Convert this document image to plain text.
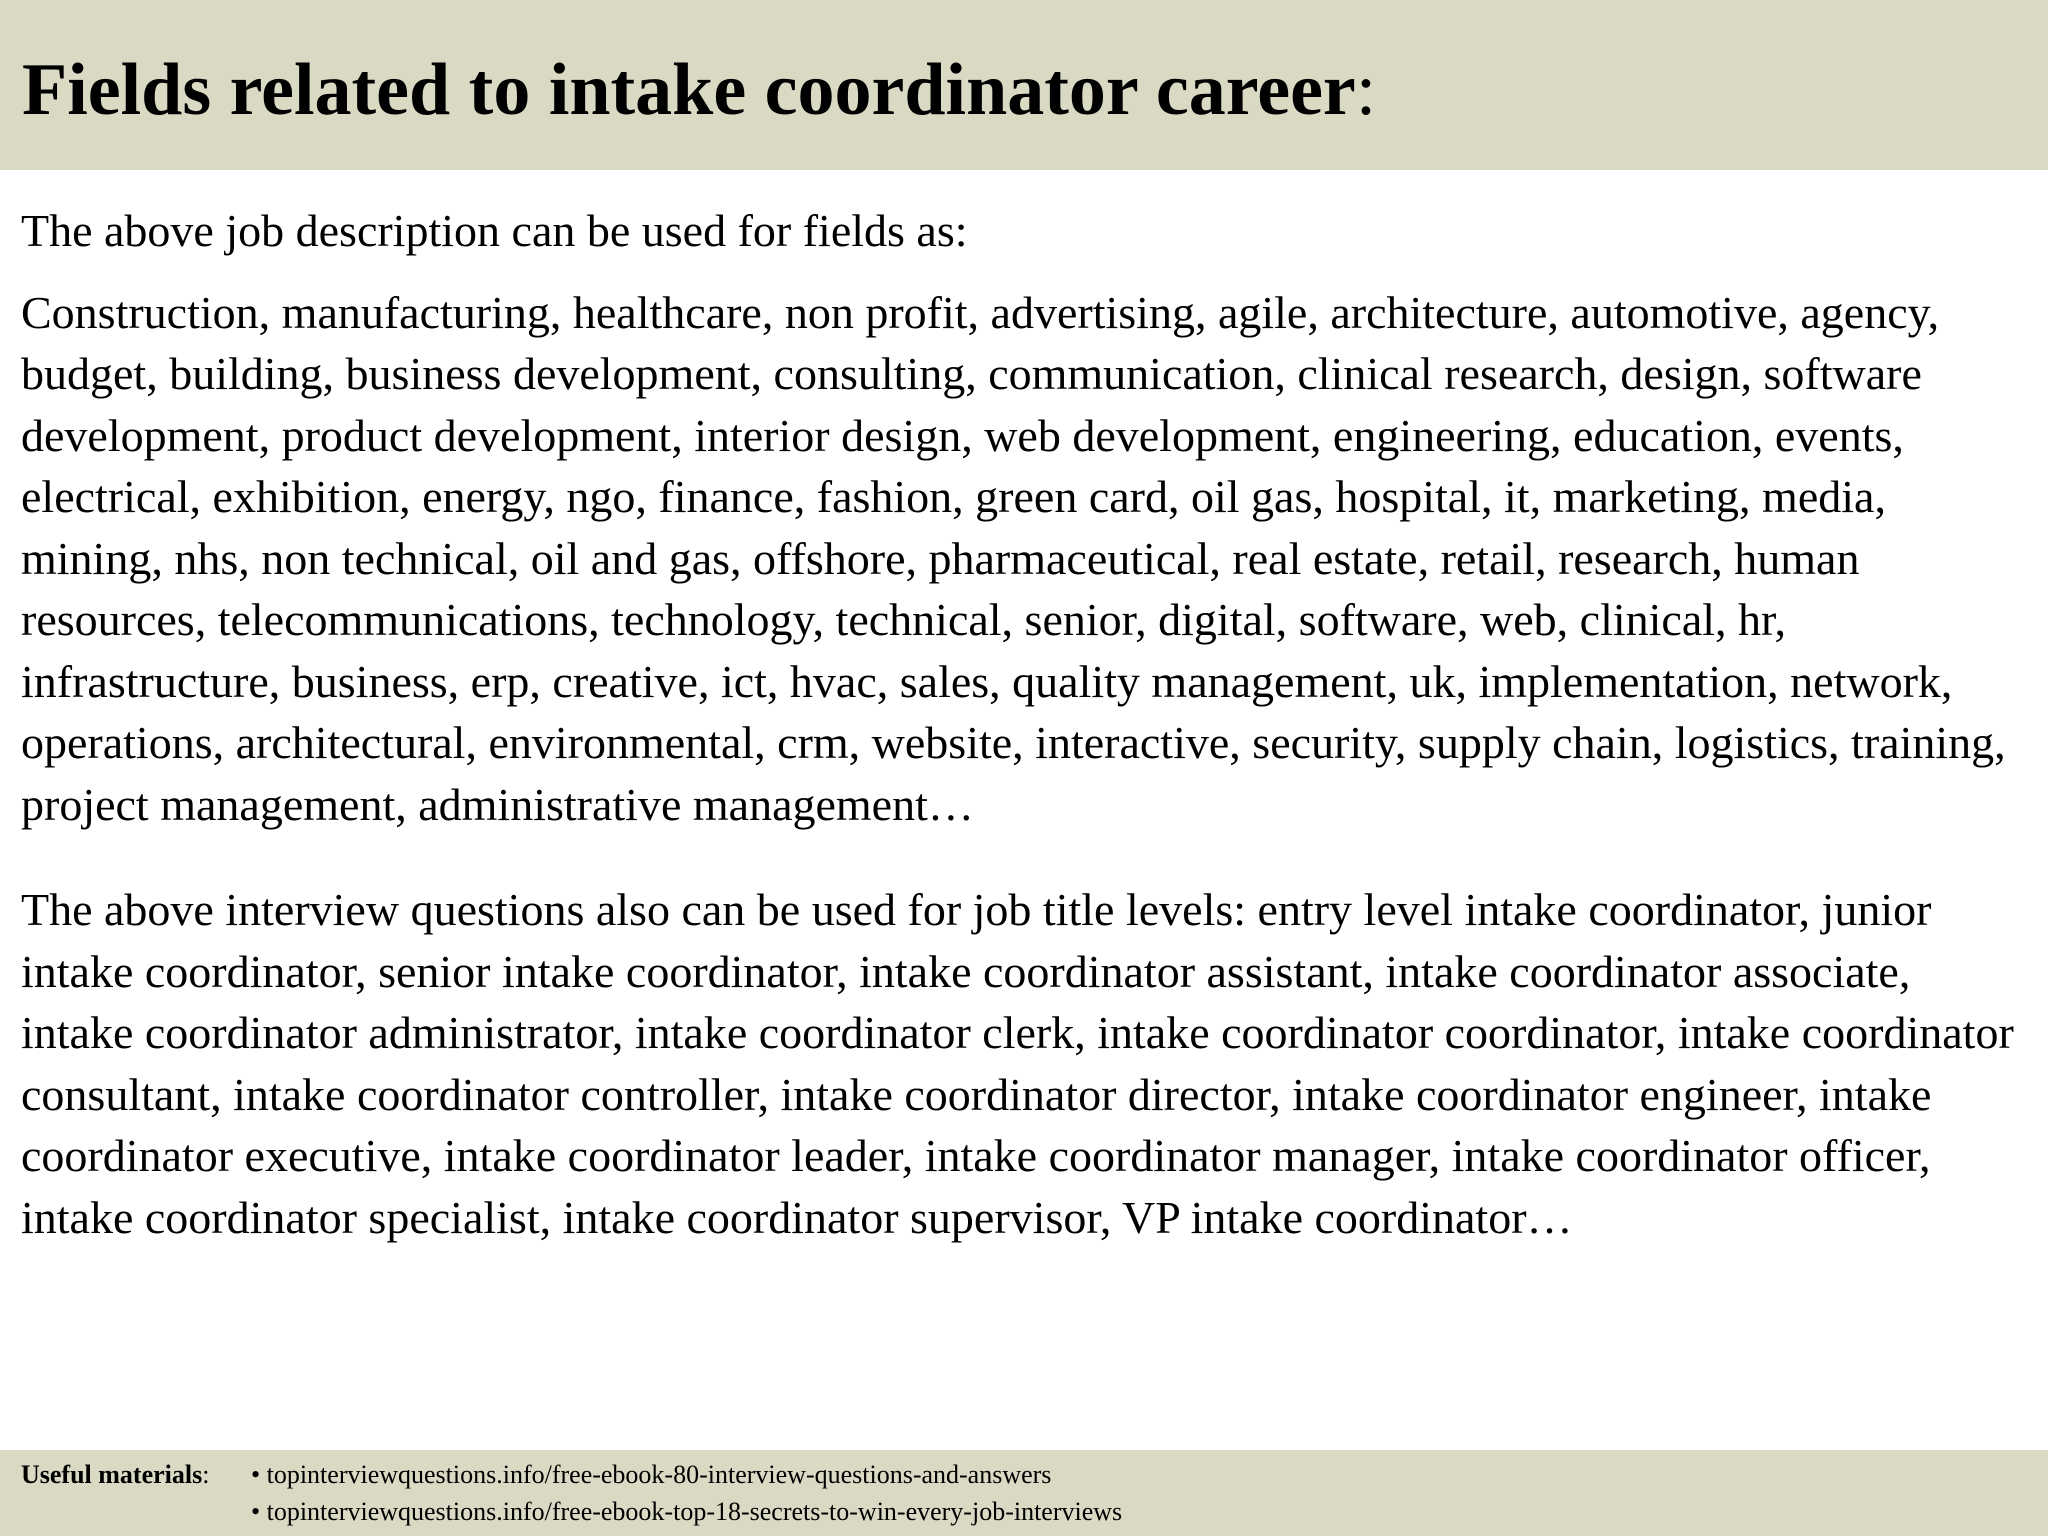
Fields related to intake coordinator career:

The above job description can be used for fields as:

Construction, manufacturing, healthcare, non profit, advertising, agile, architecture, automotive, agency, budget, building, business development, consulting, communication, clinical research, design, software development, product development, interior design, web development, engineering, education, events, electrical, exhibition, energy, ngo, finance, fashion, green card, oil gas, hospital, it, marketing, media, mining, nhs, non technical, oil and gas, offshore, pharmaceutical, real estate, retail, research, human resources, telecommunications, technology, technical, senior, digital, software, web, clinical, hr, infrastructure, business, erp, creative, ict, hvac, sales, quality management, uk, implementation, network, operations, architectural, environmental, crm, website, interactive, security, supply chain, logistics, training, project management, administrative management…

The above interview questions also can be used for job title levels: entry level intake coordinator, junior intake coordinator, senior intake coordinator, intake coordinator assistant, intake coordinator associate, intake coordinator administrator, intake coordinator clerk, intake coordinator coordinator, intake coordinator consultant, intake coordinator controller, intake coordinator director, intake coordinator engineer, intake coordinator executive, intake coordinator leader, intake coordinator manager, intake coordinator officer, intake coordinator specialist, intake coordinator supervisor, VP intake coordinator…

Useful materials:	• topinterviewquestions.info/free-ebook-80-interview-questions-and-answers
• topinterviewquestions.info/free-ebook-top-18-secrets-to-win-every-job-interviews
